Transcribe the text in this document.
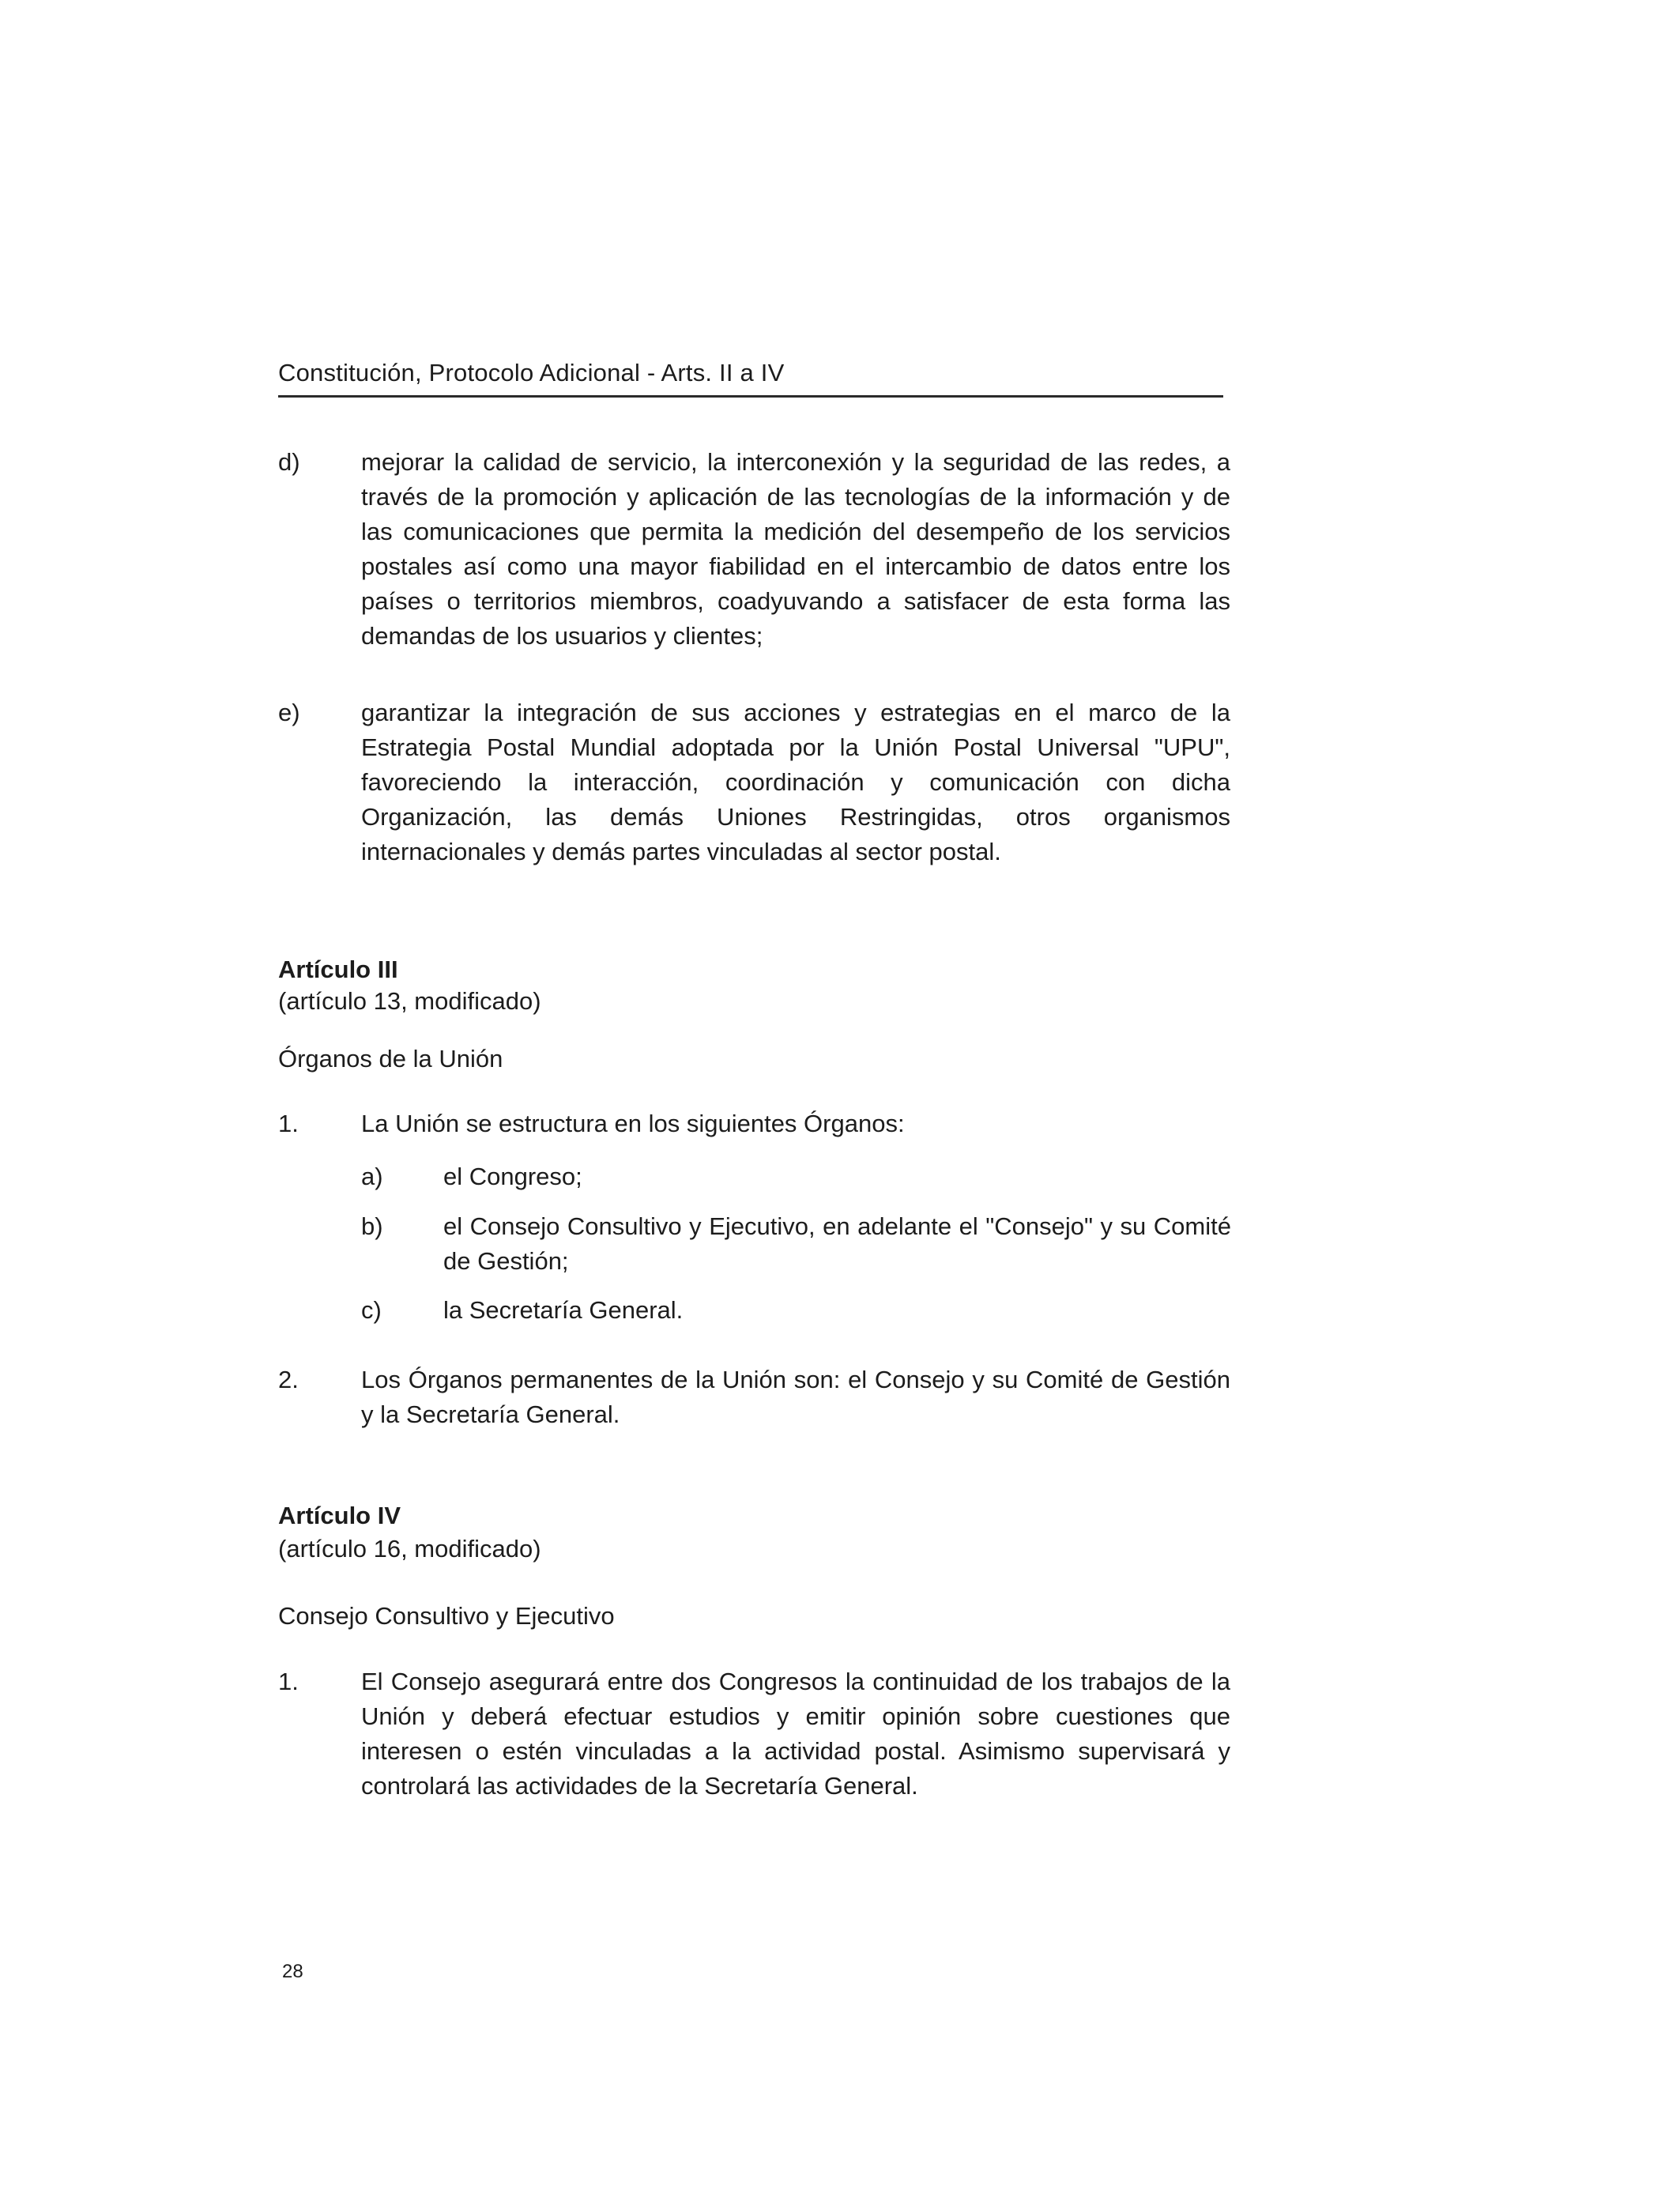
Constitución, Protocolo Adicional - Arts. II a IV
d)	mejorar la calidad de servicio, la interconexión y la seguridad de las redes, a través de la promoción y aplicación de las tecnologías de la información y de las comunicaciones que permita la medición del desempeño de los servicios postales así como una mayor fiabilidad en el intercambio de datos entre los países o territorios miembros, coadyuvando a satisfacer de esta forma las demandas de los usuarios y clientes;
e)	garantizar la integración de sus acciones y estrategias en el marco de la Estrategia Postal Mundial adoptada por la Unión Postal Universal "UPU", favoreciendo la interacción, coordinación y comunicación con dicha Organización, las demás Uniones Restringidas, otros organismos internacionales y demás partes vinculadas al sector postal.
Artículo III
(artículo 13, modificado)
Órganos de la Unión
1.	La Unión se estructura en los siguientes Órganos:
a)	el Congreso;
b)	el Consejo Consultivo y Ejecutivo, en adelante el "Consejo" y su Comité de Gestión;
c)	la Secretaría General.
2.	Los Órganos permanentes de la Unión son: el Consejo y su Comité de Gestión y la Secretaría General.
Artículo IV
(artículo 16, modificado)
Consejo Consultivo y Ejecutivo
1.	El Consejo asegurará entre dos Congresos la continuidad de los trabajos de la Unión y deberá efectuar estudios y emitir opinión sobre cuestiones que interesen o estén vinculadas a la actividad postal. Asimismo supervisará y controlará las actividades de la Secretaría General.
28
